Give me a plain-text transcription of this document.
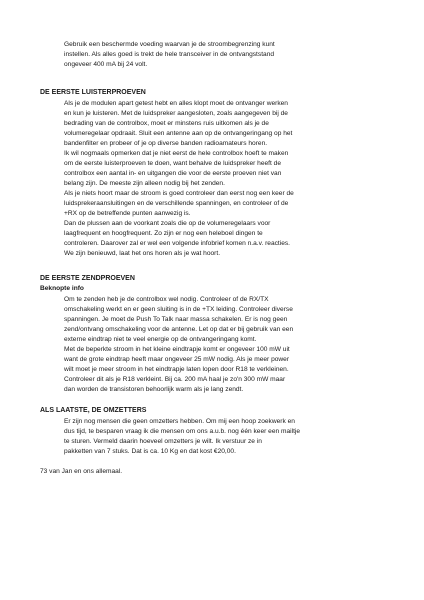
Gebruik een beschermde voeding waarvan je de stroombegrenzing kunt
instellen. Als alles goed is trekt de hele transceiver in de ontvangststand
ongeveer 400 mA bij 24 volt.
DE EERSTE LUISTERPROEVEN
Als je de modulen apart getest hebt en alles klopt moet de ontvanger werken
en kun je luisteren. Met de luidspreker aangesloten, zoals aangegeven bij de
bedrading van de controlbox, moet er minstens ruis uitkomen als je de
volumeregelaar opdraait. Sluit een antenne aan op de ontvangeringang op het
bandenfilter en probeer of je op diverse banden radioamateurs horen.
Ik wil nogmaals opmerken dat je niet eerst de hele controlbox hoeft te maken
om de eerste luisterproeven te doen, want behalve de luidspreker heeft de
controlbox een aantal in- en uitgangen die voor de eerste proeven niet van
belang zijn. De meeste zijn alleen nodig bij het zenden.
Als je niets hoort maar de stroom is goed controleer dan eerst nog een keer de
luidsprekeraansluitingen en de verschillende spanningen, en controleer of de
+RX op de betreffende punten aanwezig is.
Dan de plussen aan de voorkant zoals die op de volumeregelaars voor
laagfrequent en hoogfrequent. Zo zijn er nog een heleboel dingen te
controleren. Daarover zal er wel een volgende infobrief komen n.a.v. reacties.
We zijn benieuwd, laat het ons horen als je wat hoort.
DE EERSTE ZENDPROEVEN
Beknopte info
Om te zenden heb je de controlbox wel nodig. Controleer of de RX/TX
omschakeling werkt en er geen sluiting is in de +TX leiding. Controleer diverse
spanningen. Je moet de Push To Talk naar massa schakelen. Er is nog geen
zend/ontvang omschakeling voor de antenne. Let op dat er bij gebruik van een
externe eindtrap niet te veel energie op de ontvangeringang komt.
Met de beperkte stroom in het kleine eindtrapje komt er ongeveer 100 mW uit
want de grote eindtrap heeft maar ongeveer 25 mW nodig. Als je meer power
wilt moet je meer stroom in het eindtrapje laten lopen door R18 te verkleinen.
Controleer dit als je R18 verkleint. Bij ca. 200 mA haal je zo'n 300 mW maar
dan worden de transistoren behoorlijk warm als je lang zendt.
ALS LAATSTE, DE OMZETTERS
Er zijn nog mensen die geen omzetters hebben. Om mij een hoop zoekwerk en
dus tijd, te besparen vraag ik die mensen om ons a.u.b. nog één keer een mailtje
te sturen. Vermeld daarin hoeveel omzetters je wilt. Ik verstuur ze in
pakketten van 7 stuks. Dat is ca. 10 Kg en dat kost €20,00.
73 van Jan en ons allemaal.
